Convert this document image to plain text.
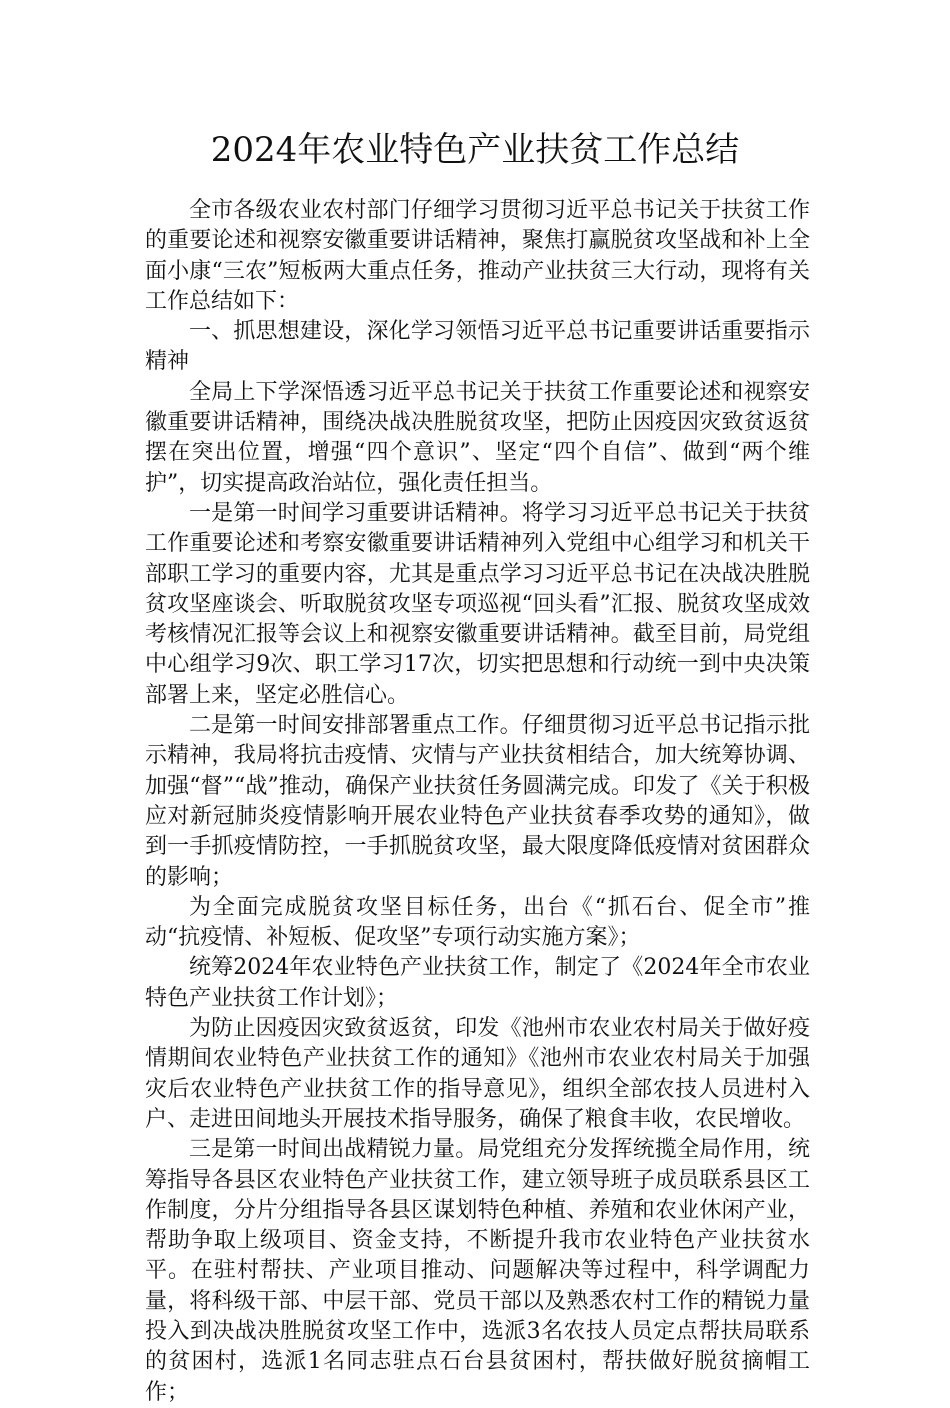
2024年农业特色产业扶贫工作总结

全市各级农业农村部门仔细学习贯彻习近平总书记关于扶贫工作的重要论述和视察安徽重要讲话精神，聚焦打赢脱贫攻坚战和补上全面小康“三农”短板两大重点任务，推动产业扶贫三大行动，现将有关工作总结如下：

一、抓思想建设，深化学习领悟习近平总书记重要讲话重要指示精神

全局上下学深悟透习近平总书记关于扶贫工作重要论述和视察安徽重要讲话精神，围绕决战决胜脱贫攻坚，把防止因疫因灾致贫返贫摆在突出位置，增强“四个意识”、坚定“四个自信”、做到“两个维护”，切实提高政治站位，强化责任担当。

一是第一时间学习重要讲话精神。将学习习近平总书记关于扶贫工作重要论述和考察安徽重要讲话精神列入党组中心组学习和机关干部职工学习的重要内容，尤其是重点学习习近平总书记在决战决胜脱贫攻坚座谈会、听取脱贫攻坚专项巡视“回头看”汇报、脱贫攻坚成效考核情况汇报等会议上和视察安徽重要讲话精神。截至目前，局党组中心组学习9次、职工学习17次，切实把思想和行动统一到中央决策部署上来，坚定必胜信心。

二是第一时间安排部署重点工作。仔细贯彻习近平总书记指示批示精神，我局将抗击疫情、灾情与产业扶贫相结合，加大统筹协调、加强“督”“战”推动，确保产业扶贫任务圆满完成。印发了《关于积极应对新冠肺炎疫情影响开展农业特色产业扶贫春季攻势的通知》，做到一手抓疫情防控，一手抓脱贫攻坚，最大限度降低疫情对贫困群众的影响；

为全面完成脱贫攻坚目标任务，出台《“抓石台、促全市”推动“抗疫情、补短板、促攻坚”专项行动实施方案》；

统筹2024年农业特色产业扶贫工作，制定了《2024年全市农业特色产业扶贫工作计划》；

为防止因疫因灾致贫返贫，印发《池州市农业农村局关于做好疫情期间农业特色产业扶贫工作的通知》《池州市农业农村局关于加强灾后农业特色产业扶贫工作的指导意见》，组织全部农技人员进村入户、走进田间地头开展技术指导服务，确保了粮食丰收，农民增收。

三是第一时间出战精锐力量。局党组充分发挥统揽全局作用，统筹指导各县区农业特色产业扶贫工作，建立领导班子成员联系县区工作制度，分片分组指导各县区谋划特色种植、养殖和农业休闲产业，帮助争取上级项目、资金支持，不断提升我市农业特色产业扶贫水平。在驻村帮扶、产业项目推动、问题解决等过程中，科学调配力量，将科级干部、中层干部、党员干部以及熟悉农村工作的精锐力量投入到决战决胜脱贫攻坚工作中，选派3名农技人员定点帮扶局联系的贫困村，选派1名同志驻点石台县贫困村，帮扶做好脱贫摘帽工作；
